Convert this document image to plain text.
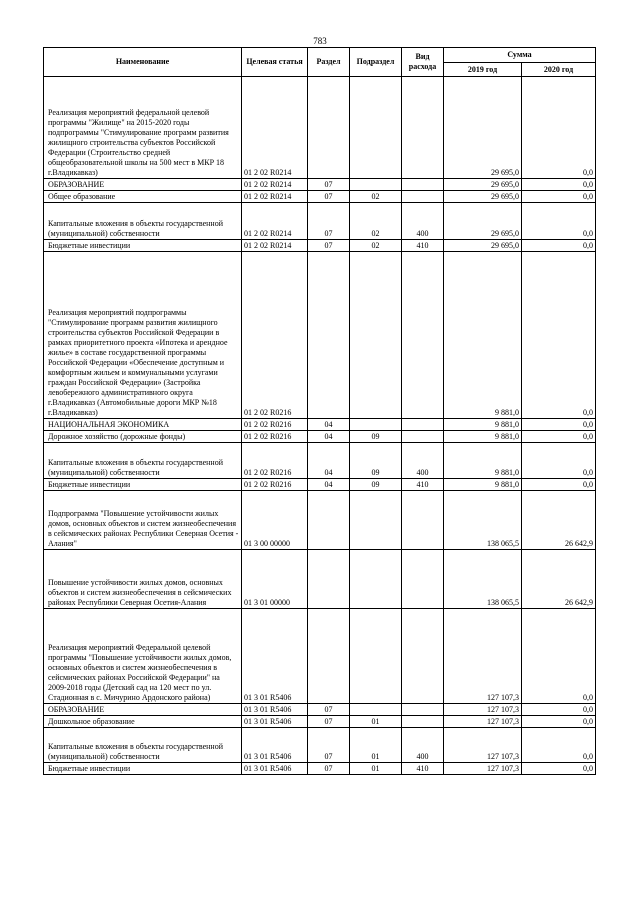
783
Наименование	Целевая статья	Раздел	Подраздел	Вид расхода	Сумма	
					2019 год	2020 год

Реализация мероприятий федеральной целевой программы "Жилище" на 2015-2020 годы подпрограммы "Стимулирование программ развития жилищного строительства субъектов Российской Федерации (Строительство средней общеобразовательной школы на 500 мест в МКР 18 г.Владикавказ)	01 2 02 R0214				29 695,0	0,0

ОБРАЗОВАНИЕ	01 2 02 R0214	07			29 695,0	0,0

Общее образование	01 2 02 R0214	07	02		29 695,0	0,0

Капитальные вложения в объекты государственной (муниципальной) собственности	01 2 02 R0214	07	02	400	29 695,0	0,0

Бюджетные инвестиции	01 2 02 R0214	07	02	410	29 695,0	0,0

Реализация мероприятий подпрограммы "Стимулирование программ развития жилищного строительства субъектов Российской Федерации в рамках приоритетного проекта «Ипотека и арендное жилье» в составе государственной программы Российской Федерации «Обеспечение доступным и комфортным жильем и коммунальными услугами граждан Российской Федерации» (Застройка левобережного административного округа г.Владикавказ (Автомобильные дороги МКР №18 г.Владикавказ)	01 2 02 R0216				9 881,0	0,0

НАЦИОНАЛЬНАЯ ЭКОНОМИКА	01 2 02 R0216	04			9 881,0	0,0

Дорожное хозяйство (дорожные фонды)	01 2 02 R0216	04	09		9 881,0	0,0

Капитальные вложения в объекты государственной (муниципальной) собственности	01 2 02 R0216	04	09	400	9 881,0	0,0

Бюджетные инвестиции	01 2 02 R0216	04	09	410	9 881,0	0,0

Подпрограмма "Повышение устойчивости жилых домов, основных объектов и систем жизнеобеспечения в сейсмических районах Республики Северная Осетия - Алания"	01 3 00 00000				138 065,5	26 642,9

Повышение устойчивости жилых домов, основных объектов и систем жизнеобеспечения в сейсмических районах Республики Северная Осетия-Алания	01 3 01 00000				138 065,5	26 642,9

Реализация мероприятий Федеральной целевой программы "Повышение устойчивости жилых домов, основных объектов и систем жизнеобеспечения в сейсмических районах Российской Федерации" на 2009-2018 годы (Детский сад на 120 мест по ул. Стадионная в с. Мичурино Ардонского района)	01 3 01 R5406				127 107,3	0,0

ОБРАЗОВАНИЕ	01 3 01 R5406	07			127 107,3	0,0

Дошкольное образование	01 3 01 R5406	07	01		127 107,3	0,0

Капитальные вложения в объекты государственной (муниципальной) собственности	01 3 01 R5406	07	01	400	127 107,3	0,0

Бюджетные инвестиции	01 3 01 R5406	07	01	410	127 107,3	0,0
